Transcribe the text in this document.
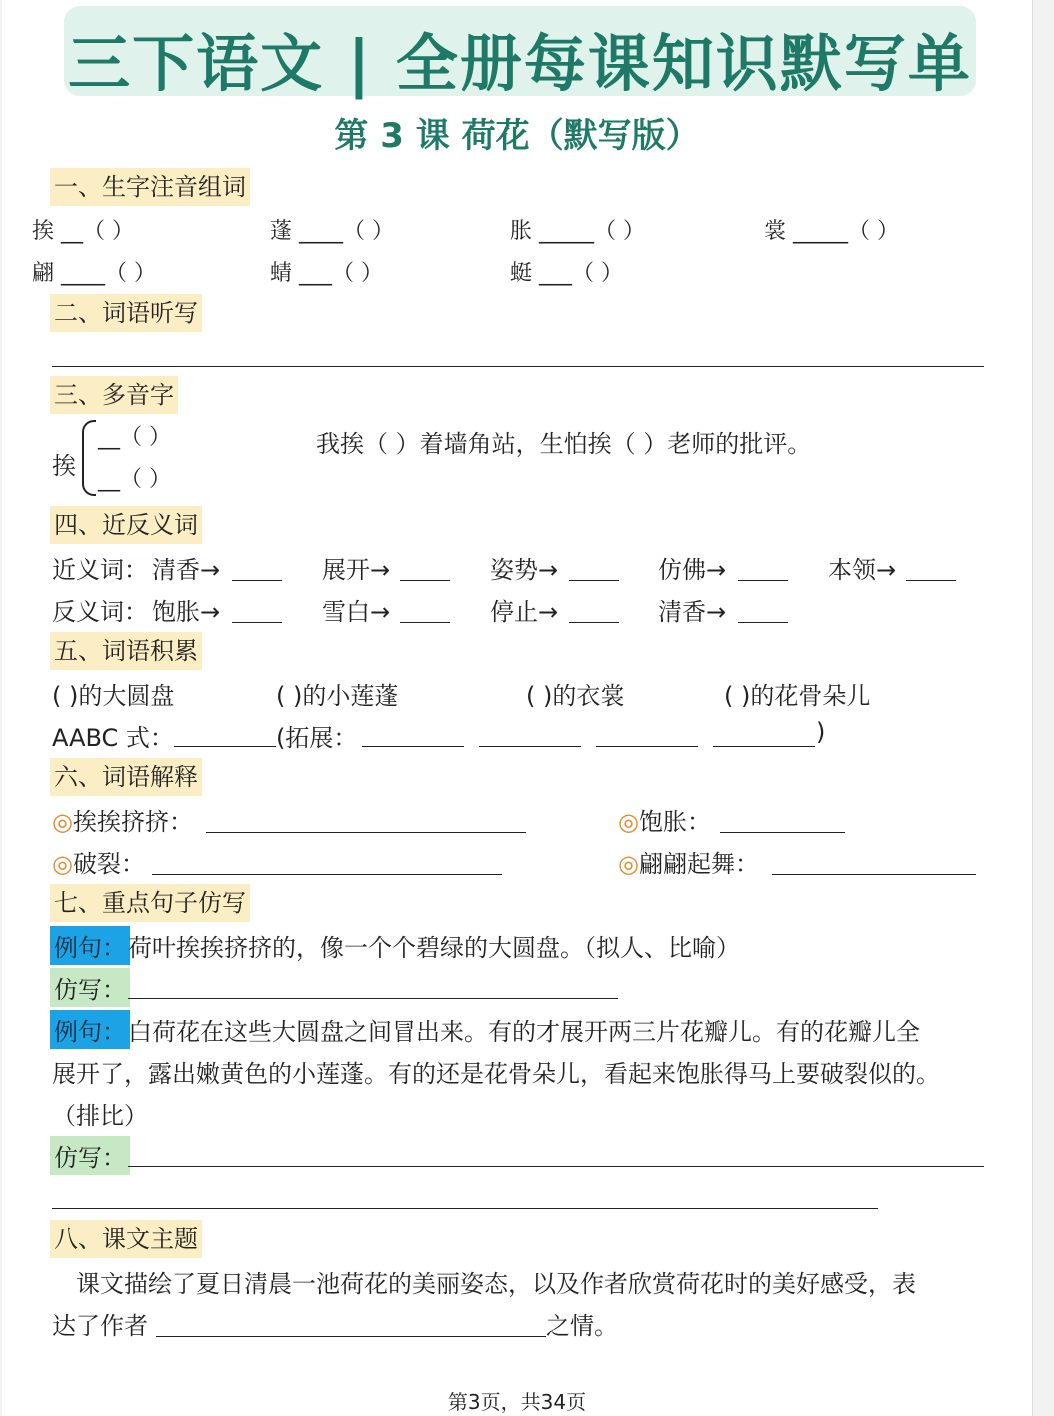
三下语文 | 全册每课知识默写单
第 3 课 荷花（默写版）
一、生字注音组词
挨 __（ ）	蓬 ____（ ）	胀 _____（ ）	裳 _____（ ）
翩 ____（ ）	蜻 ___（ ）	蜓 ___（ ）
二、词语听写
三、多音字
挨
__（ ）
__（ ）
我挨（ ）着墙角站，生怕挨（ ）老师的批评。
四、近反义词
近义词： 清香→	展开→	姿势→	仿佛→	本领→
反义词： 饱胀→	雪白→	停止→	清香→
五、词语积累
( )的大圆盘	( )的小莲蓬	( )的衣裳	( )的花骨朵儿
AABC 式：	(拓展：	)
六、词语解释
◎挨挨挤挤：	◎饱胀：
◎破裂：	◎翩翩起舞：
七、重点句子仿写
例句： 荷叶挨挨挤挤的，像一个个碧绿的大圆盘。（拟人、比喻）
仿写：
例句： 白荷花在这些大圆盘之间冒出来。有的才展开两三片花瓣儿。有的花瓣儿全
展开了，露出嫩黄色的小莲蓬。有的还是花骨朵儿，看起来饱胀得马上要破裂似的。
（排比）
仿写：
八、课文主题
课文描绘了夏日清晨一池荷花的美丽姿态，以及作者欣赏荷花时的美好感受，表
达了作者	之情。
第3页，共34页
